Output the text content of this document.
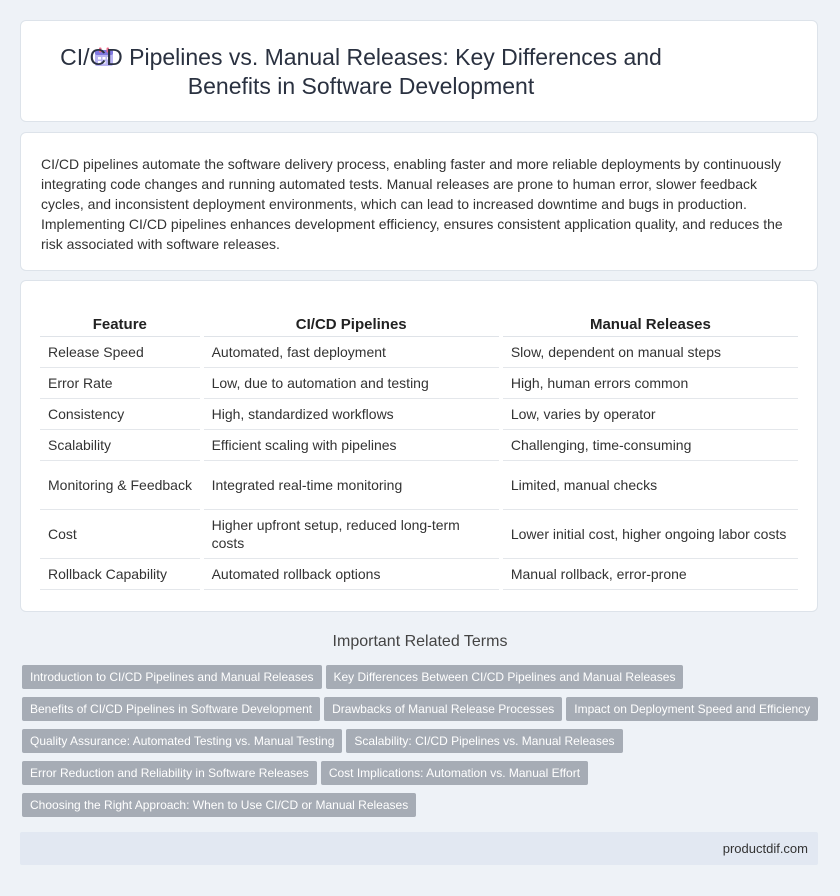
CI/CD Pipelines vs. Manual Releases: Key Differences and Benefits in Software Development

CI/CD pipelines automate the software delivery process, enabling faster and more reliable deployments by continuously integrating code changes and running automated tests. Manual releases are prone to human error, slower feedback cycles, and inconsistent deployment environments, which can lead to increased downtime and bugs in production. Implementing CI/CD pipelines enhances development efficiency, ensures consistent application quality, and reduces the risk associated with software releases.

Feature	CI/CD Pipelines	Manual Releases
Release Speed	Automated, fast deployment	Slow, dependent on manual steps
Error Rate	Low, due to automation and testing	High, human errors common
Consistency	High, standardized workflows	Low, varies by operator
Scalability	Efficient scaling with pipelines	Challenging, time-consuming
Monitoring & Feedback	Integrated real-time monitoring	Limited, manual checks
Cost	Higher upfront setup, reduced long-term costs	Lower initial cost, higher ongoing labor costs
Rollback Capability	Automated rollback options	Manual rollback, error-prone
Important Related Terms
Introduction to CI/CD Pipelines and Manual Releases Key Differences Between CI/CD Pipelines and Manual Releases
Benefits of CI/CD Pipelines in Software Development Drawbacks of Manual Release Processes Impact on Deployment Speed and Efficiency
Quality Assurance: Automated Testing vs. Manual Testing Scalability: CI/CD Pipelines vs. Manual Releases
Error Reduction and Reliability in Software Releases Cost Implications: Automation vs. Manual Effort
Choosing the Right Approach: When to Use CI/CD or Manual Releases
productdif.com
